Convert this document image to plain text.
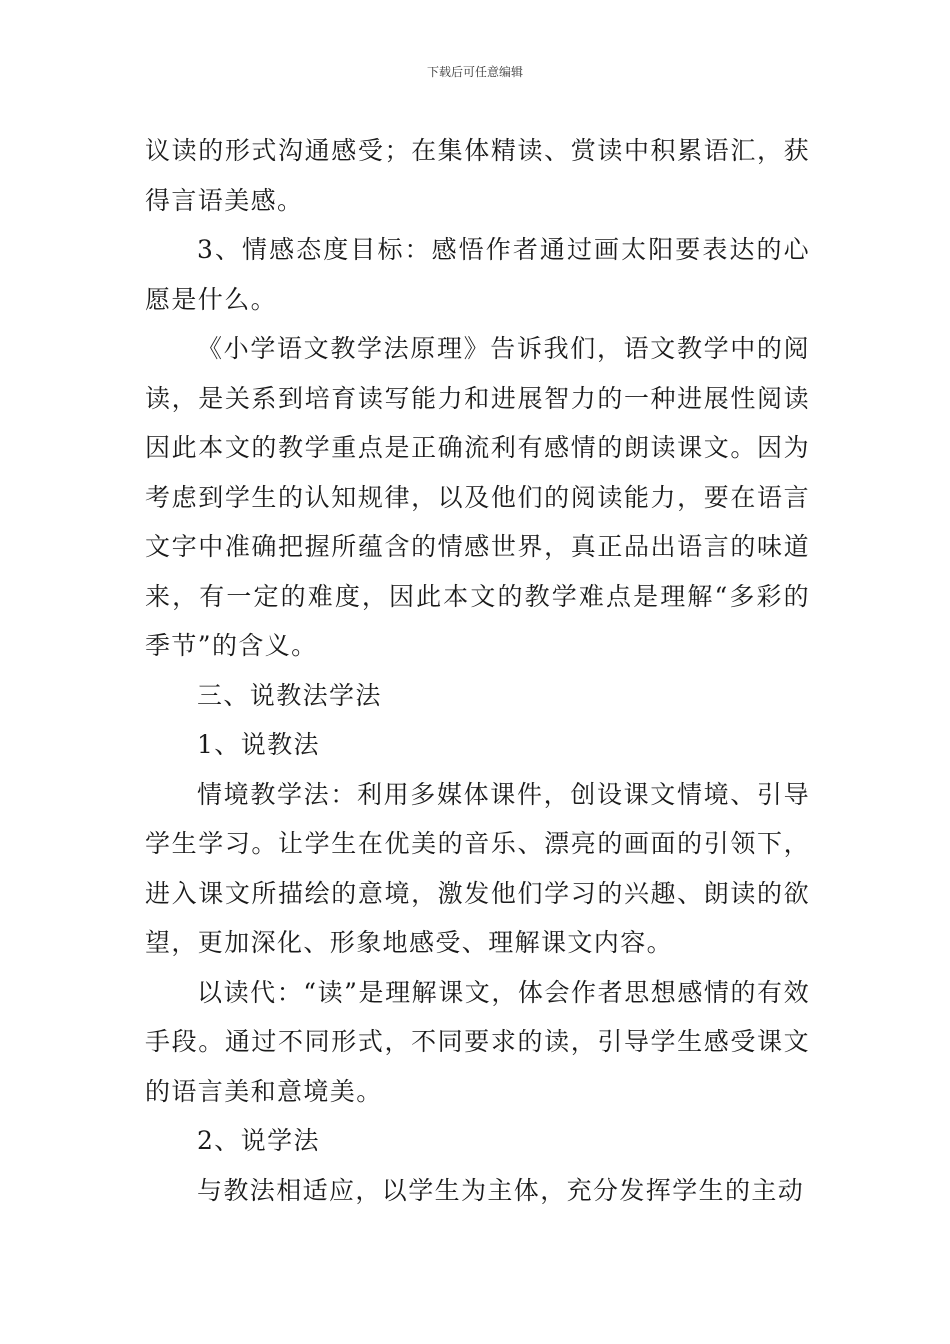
下载后可任意编辑

议读的形式沟通感受；在集体精读、赏读中积累语汇，获得言语美感。

3、情感态度目标：感悟作者通过画太阳要表达的心愿是什么。

《小学语文教学法原理》告诉我们，语文教学中的阅读，是关系到培育读写能力和进展智力的一种进展性阅读因此本文的教学重点是正确流利有感情的朗读课文。因为考虑到学生的认知规律，以及他们的阅读能力，要在语言文字中准确把握所蕴含的情感世界，真正品出语言的味道来，有一定的难度，因此本文的教学难点是理解“多彩的季节”的含义。

三、说教法学法

1、说教法

情境教学法：利用多媒体课件，创设课文情境、引导学生学习。让学生在优美的音乐、漂亮的画面的引领下，进入课文所描绘的意境，激发他们学习的兴趣、朗读的欲望，更加深化、形象地感受、理解课文内容。

以读代：“读”是理解课文，体会作者思想感情的有效手段。通过不同形式，不同要求的读，引导学生感受课文的语言美和意境美。

2、说学法

与教法相适应，以学生为主体，充分发挥学生的主动
